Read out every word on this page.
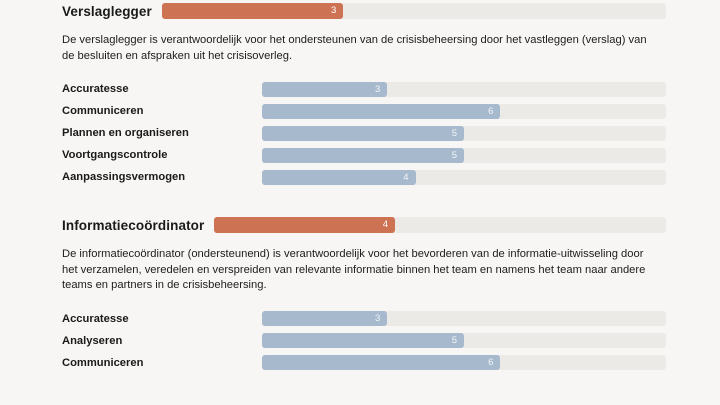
Verslaglegger	3

De verslaglegger is verantwoordelijk voor het ondersteunen van de crisisbeheersing door het vastleggen (verslag) van de besluiten en afspraken uit het crisisoverleg.

Accuratesse	3
Communiceren	6
Plannen en organiseren	5
Voortgangscontrole	5
Aanpassingsvermogen	4
Informatiecoördinator	4

De informatiecoördinator (ondersteunend) is verantwoordelijk voor het bevorderen van de informatie-uitwisseling door het verzamelen, veredelen en verspreiden van relevante informatie binnen het team en namens het team naar andere teams en partners in de crisisbeheersing.

Accuratesse	3
Analyseren	5
Communiceren	6
